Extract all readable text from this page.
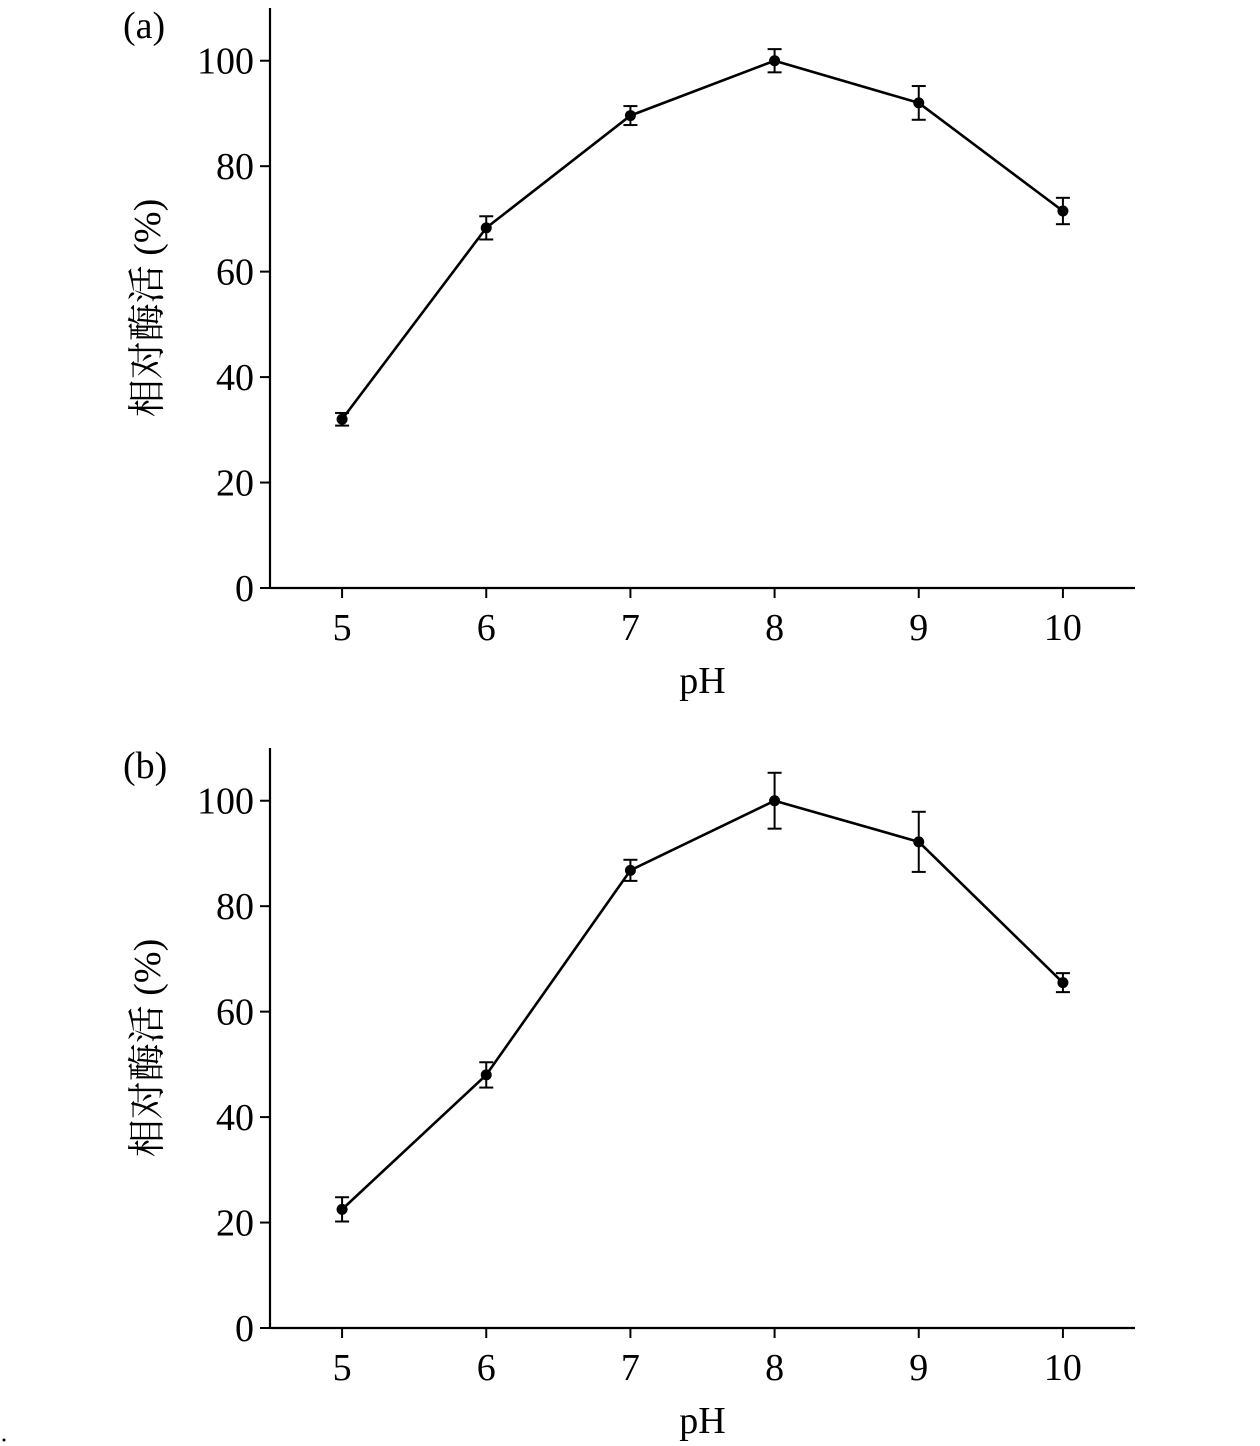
0
20
40
60
80
100
5	6	7	8	9	10
pH
相对酶活 (%)
(a)
0
20
40
60
80
100
5	6	7	8	9	10
pH
相对酶活 (%)
(b)
